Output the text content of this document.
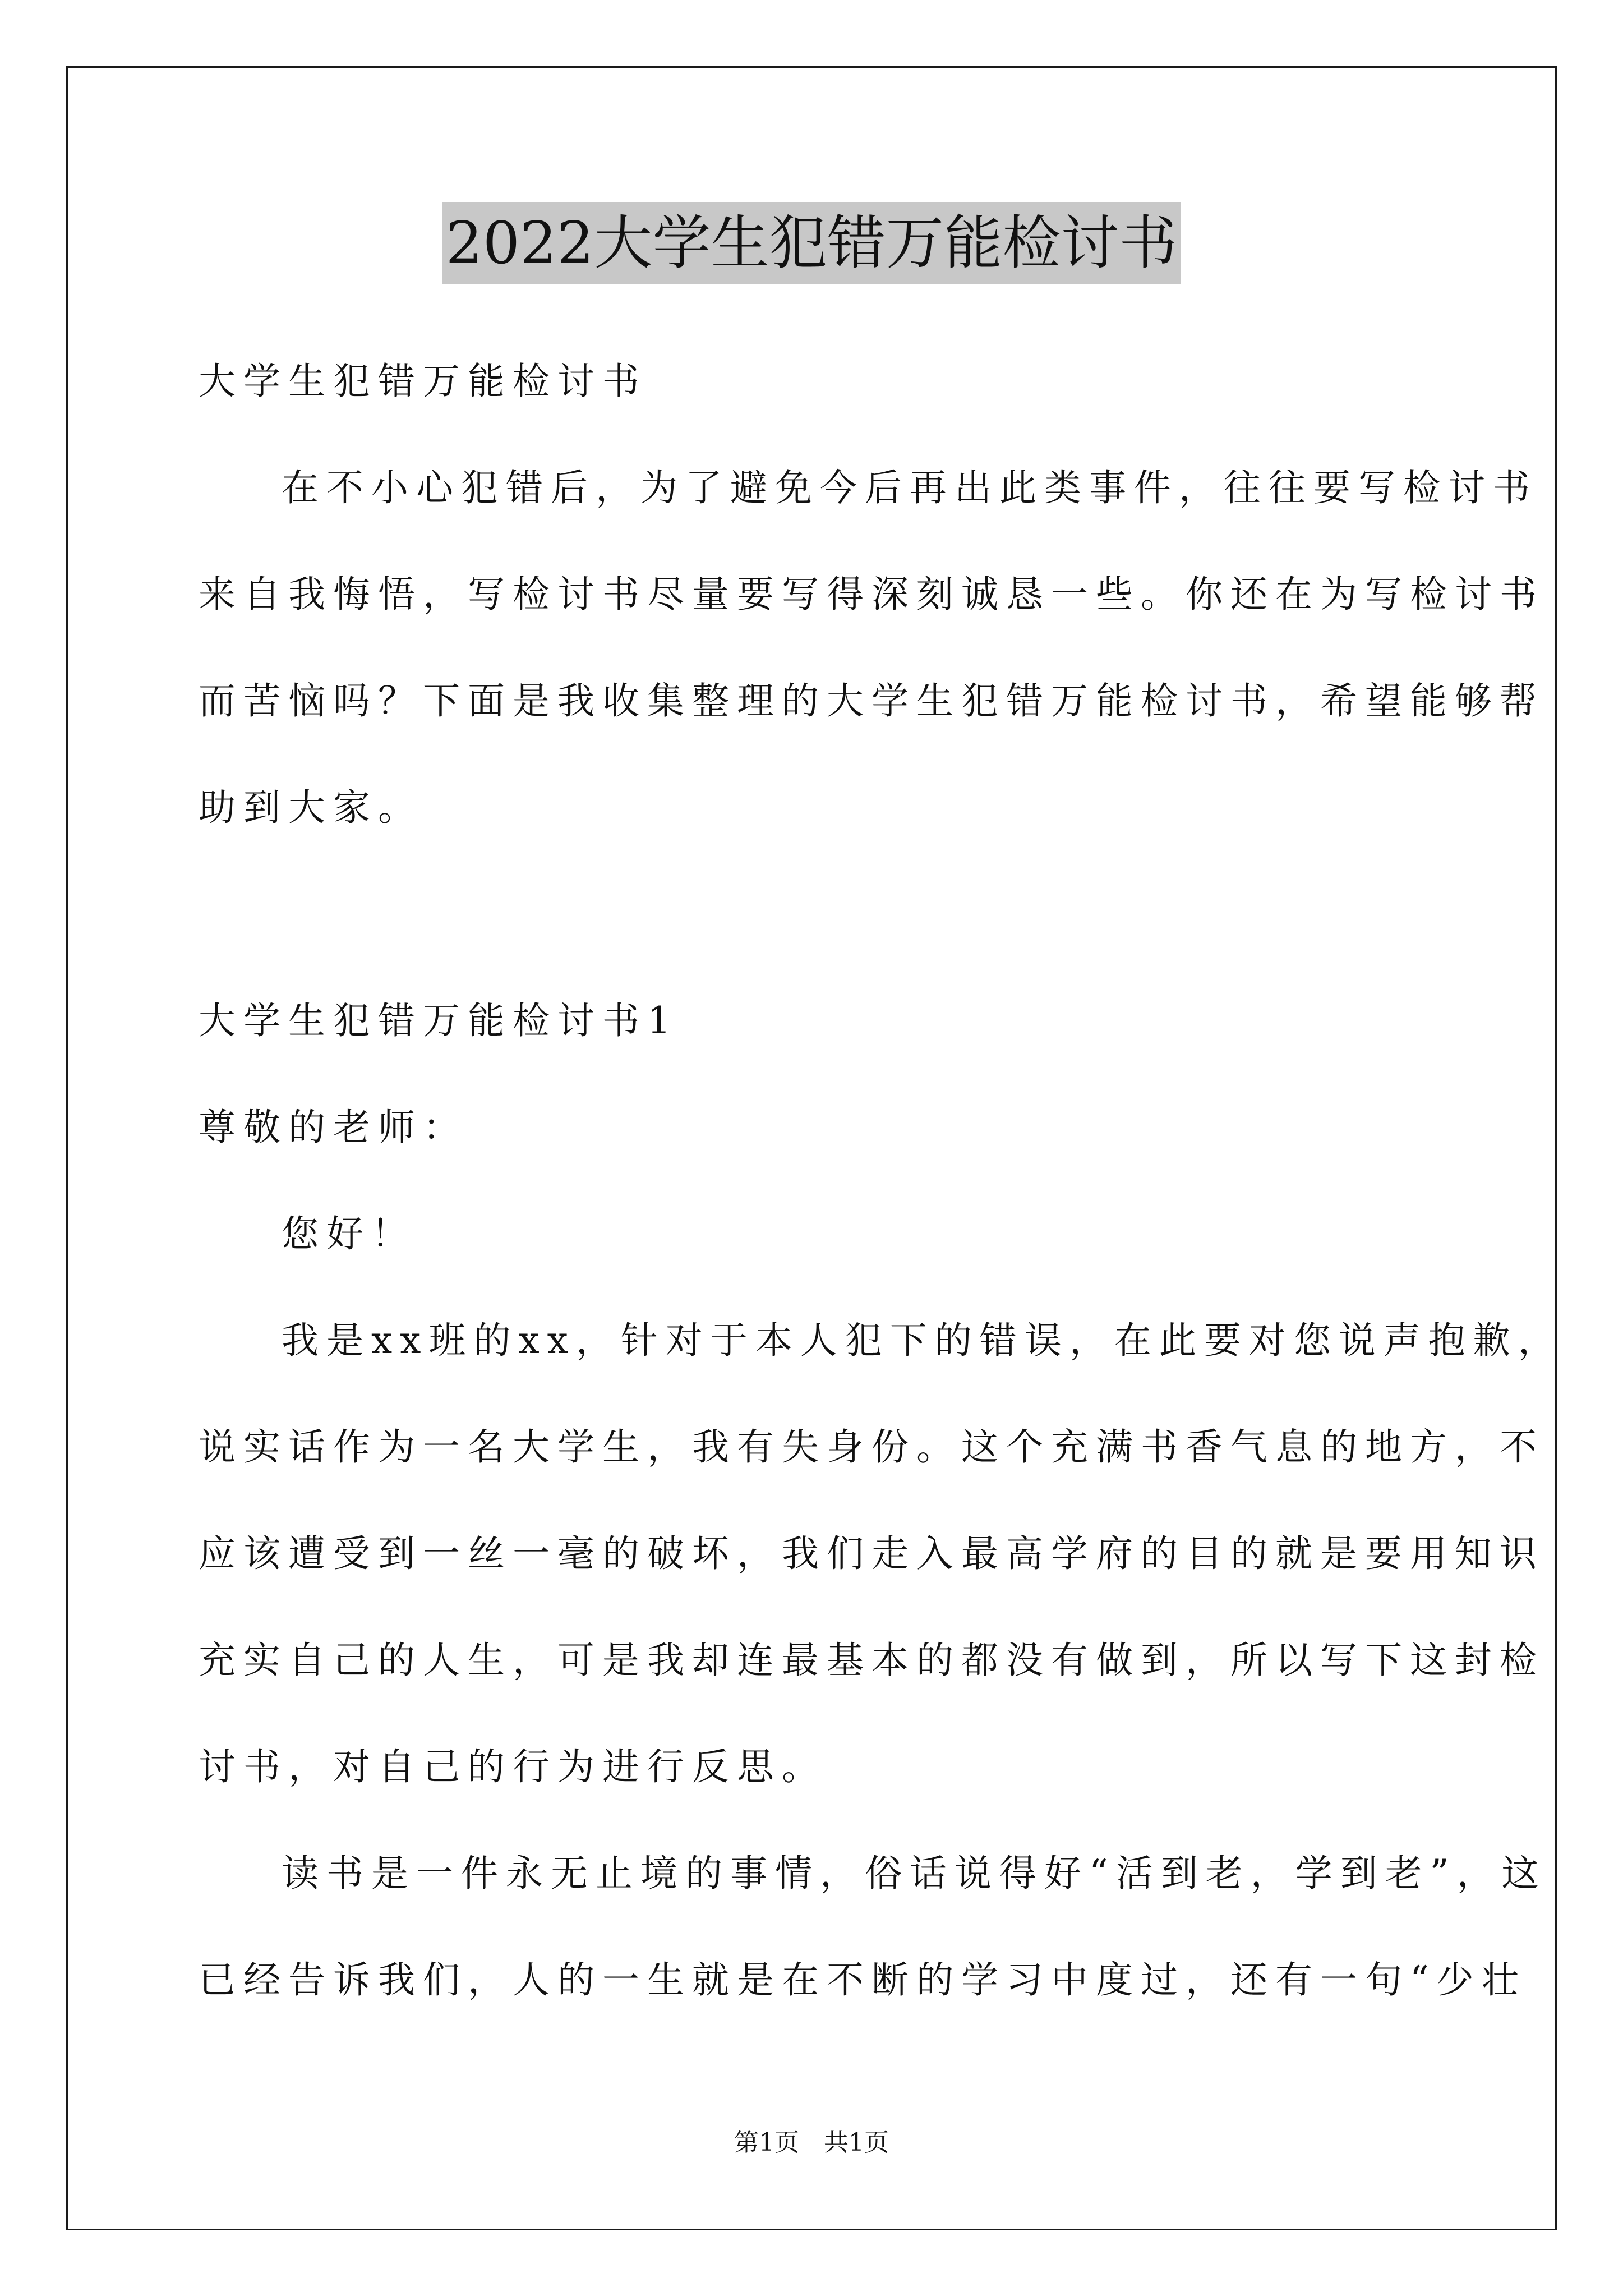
2022大学生犯错万能检讨书

大学生犯错万能检讨书

在不小心犯错后，为了避免今后再出此类事件，往往要写检讨书

来自我悔悟，写检讨书尽量要写得深刻诚恳一些。你还在为写检讨书

而苦恼吗？下面是我收集整理的大学生犯错万能检讨书，希望能够帮

助到大家。

大学生犯错万能检讨书1

尊敬的老师：

您好！

我是xx班的xx，针对于本人犯下的错误，在此要对您说声抱歉，

说实话作为一名大学生，我有失身份。这个充满书香气息的地方，不

应该遭受到一丝一毫的破坏，我们走入最高学府的目的就是要用知识

充实自己的人生，可是我却连最基本的都没有做到，所以写下这封检

讨书，对自己的行为进行反思。

读书是一件永无止境的事情，俗话说得好“活到老，学到老”，这

已经告诉我们，人的一生就是在不断的学习中度过，还有一句“少壮

第1页　共1页
